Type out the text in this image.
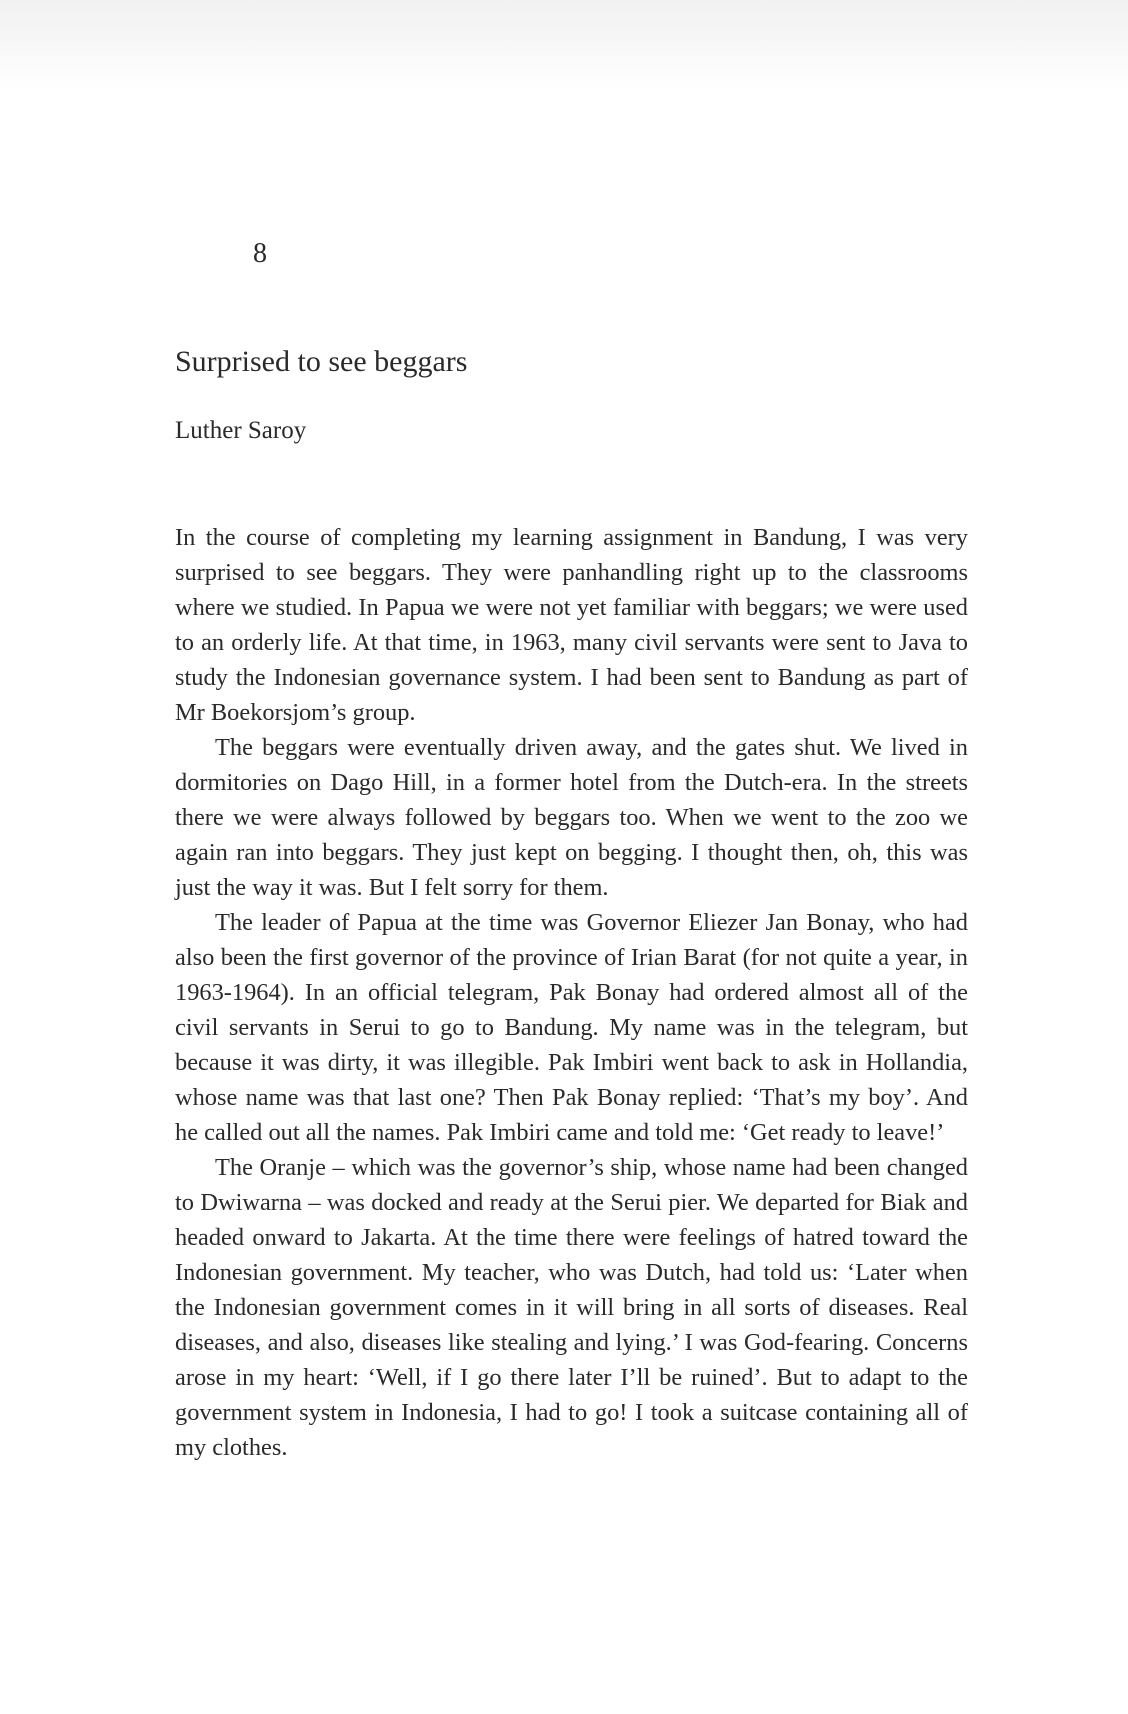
8
Surprised to see beggars

Luther Saroy

In the course of completing my learning assignment in Bandung, I was very surprised to see beggars. They were panhandling right up to the classrooms where we studied. In Papua we were not yet familiar with beggars; we were used to an orderly life. At that time, in 1963, many civil servants were sent to Java to study the Indonesian governance system. I had been sent to Bandung as part of Mr Boekorsjom’s group.

The beggars were eventually driven away, and the gates shut. We lived in dormitories on Dago Hill, in a former hotel from the Dutch-era. In the streets there we were always followed by beggars too. When we went to the zoo we again ran into beggars. They just kept on begging. I thought then, oh, this was just the way it was. But I felt sorry for them.

The leader of Papua at the time was Governor Eliezer Jan Bonay, who had also been the first governor of the province of Irian Barat (for not quite a year, in 1963-1964). In an official telegram, Pak Bonay had ordered almost all of the civil servants in Serui to go to Bandung. My name was in the telegram, but because it was dirty, it was illegible. Pak Imbiri went back to ask in Hollandia, whose name was that last one? Then Pak Bonay replied: ‘That’s my boy’. And he called out all the names. Pak Imbiri came and told me: ‘Get ready to leave!’

The Oranje – which was the governor’s ship, whose name had been changed to Dwiwarna – was docked and ready at the Serui pier. We departed for Biak and headed onward to Jakarta. At the time there were feelings of hatred toward the Indonesian government. My teacher, who was Dutch, had told us: ‘Later when the Indonesian government comes in it will bring in all sorts of diseases. Real diseases, and also, diseases like stealing and lying.’ I was God-fearing. Concerns arose in my heart: ‘Well, if I go there later I’ll be ruined’. But to adapt to the government system in Indonesia, I had to go! I took a suitcase containing all of my clothes.
